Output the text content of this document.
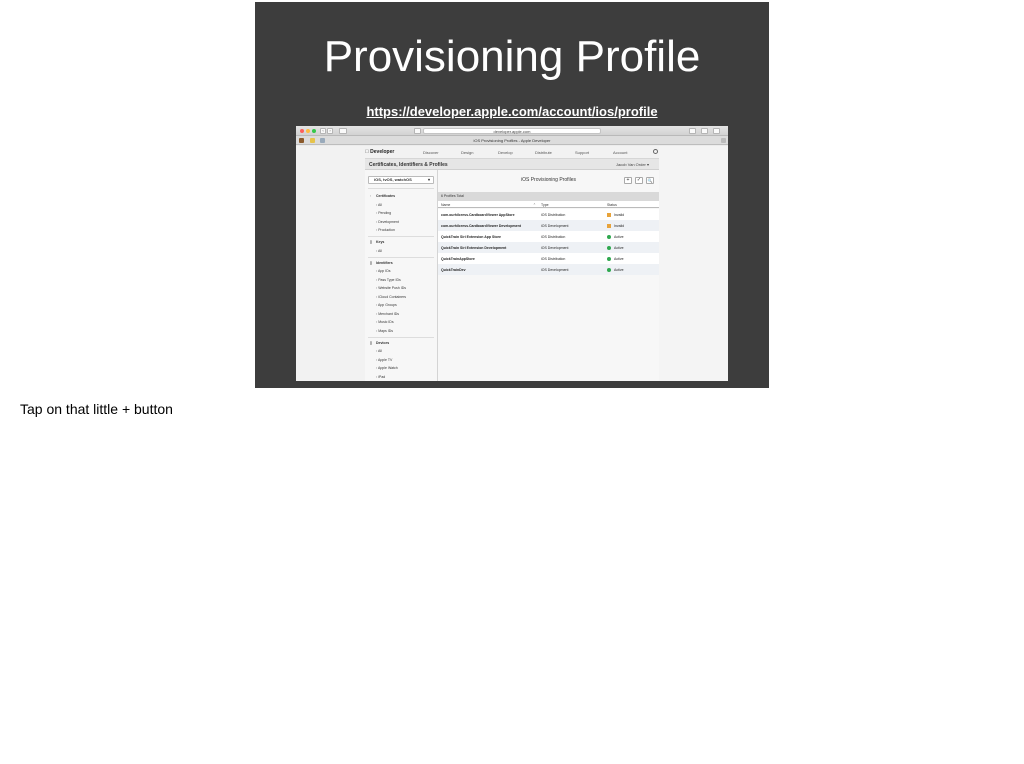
Provisioning Profile
https://developer.apple.com/account/ios/profile
‹	›	developer.apple.com
iOS Provisioning Profiles - Apple Developer
Developer	Discover	Design	Develop	Distribute	Support	Account
Certificates, Identifiers & Profiles	Jacob Van Order ▾
iOS, tvOS, watchOS	▾
◦ Certificates
▫ All
▫ Pending
▫ Development
▫ Production
▯ Keys
▫ All
▯ Identifiers
▫ App IDs
▫ Pass Type IDs
▫ Website Push IDs
▫ iCloud Containers
▫ App Groups
▫ Merchant IDs
▫ Music IDs
▫ Maps IDs
▯ Devices
▫ All
▫ Apple TV
▫ Apple Watch
▫ iPad
iOS Provisioning Profiles	+	✓	🔍
6 Profiles Total
Name	⌃ Type	Status
com.ourhilcress.CardboardViewer AppStore	iOS Distribution	Invalid
com.ourhilcress.CardboardViewer Development	iOS Development	Invalid
QuickTrain Siri Extension App Store	iOS Distribution	Active
QuickTrain Siri Extension Development	iOS Development	Active
QuickTrainAppStore	iOS Distribution	Active
QuickTrainDev	iOS Development	Active
Tap on that little + button
